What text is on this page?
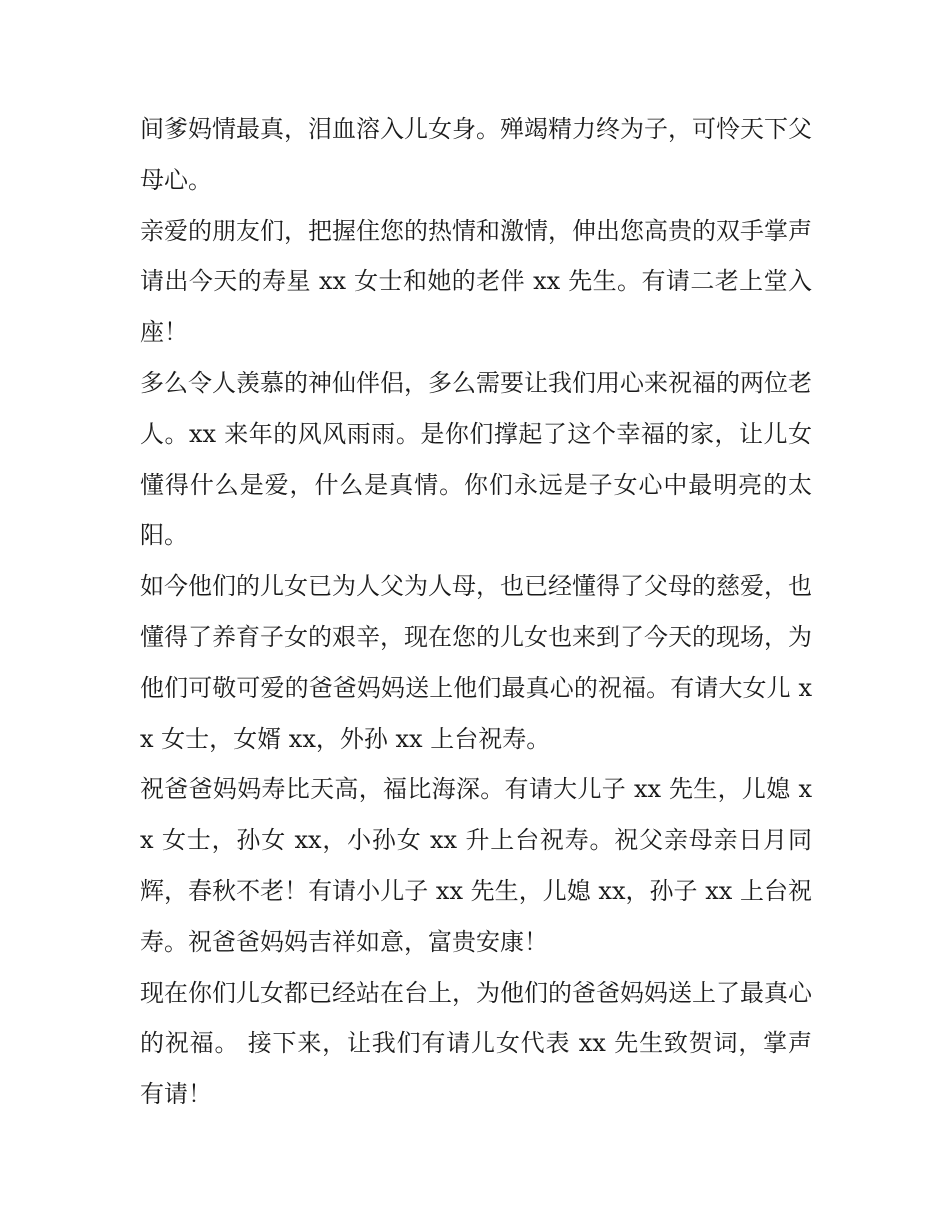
间爹妈情最真，泪血溶入儿女身。殚竭精力终为子，可怜天下父母心。

亲爱的朋友们，把握住您的热情和激情，伸出您高贵的双手掌声请出今天的寿星 xx 女士和她的老伴 xx 先生。有请二老上堂入座！

多么令人羡慕的神仙伴侣，多么需要让我们用心来祝福的两位老人。xx 来年的风风雨雨。是你们撑起了这个幸福的家，让儿女懂得什么是爱，什么是真情。你们永远是子女心中最明亮的太阳。

如今他们的儿女已为人父为人母，也已经懂得了父母的慈爱，也懂得了养育子女的艰辛，现在您的儿女也来到了今天的现场，为他们可敬可爱的爸爸妈妈送上他们最真心的祝福。有请大女儿 xx 女士，女婿 xx，外孙 xx 上台祝寿。

祝爸爸妈妈寿比天高，福比海深。有请大儿子 xx 先生，儿媳 xx 女士，孙女 xx，小孙女 xx 升上台祝寿。祝父亲母亲日月同辉，春秋不老！有请小儿子 xx 先生，儿媳 xx，孙子 xx 上台祝寿。祝爸爸妈妈吉祥如意，富贵安康！

现在你们儿女都已经站在台上，为他们的爸爸妈妈送上了最真心的祝福。 接下来，让我们有请儿女代表 xx 先生致贺词，掌声有请！
